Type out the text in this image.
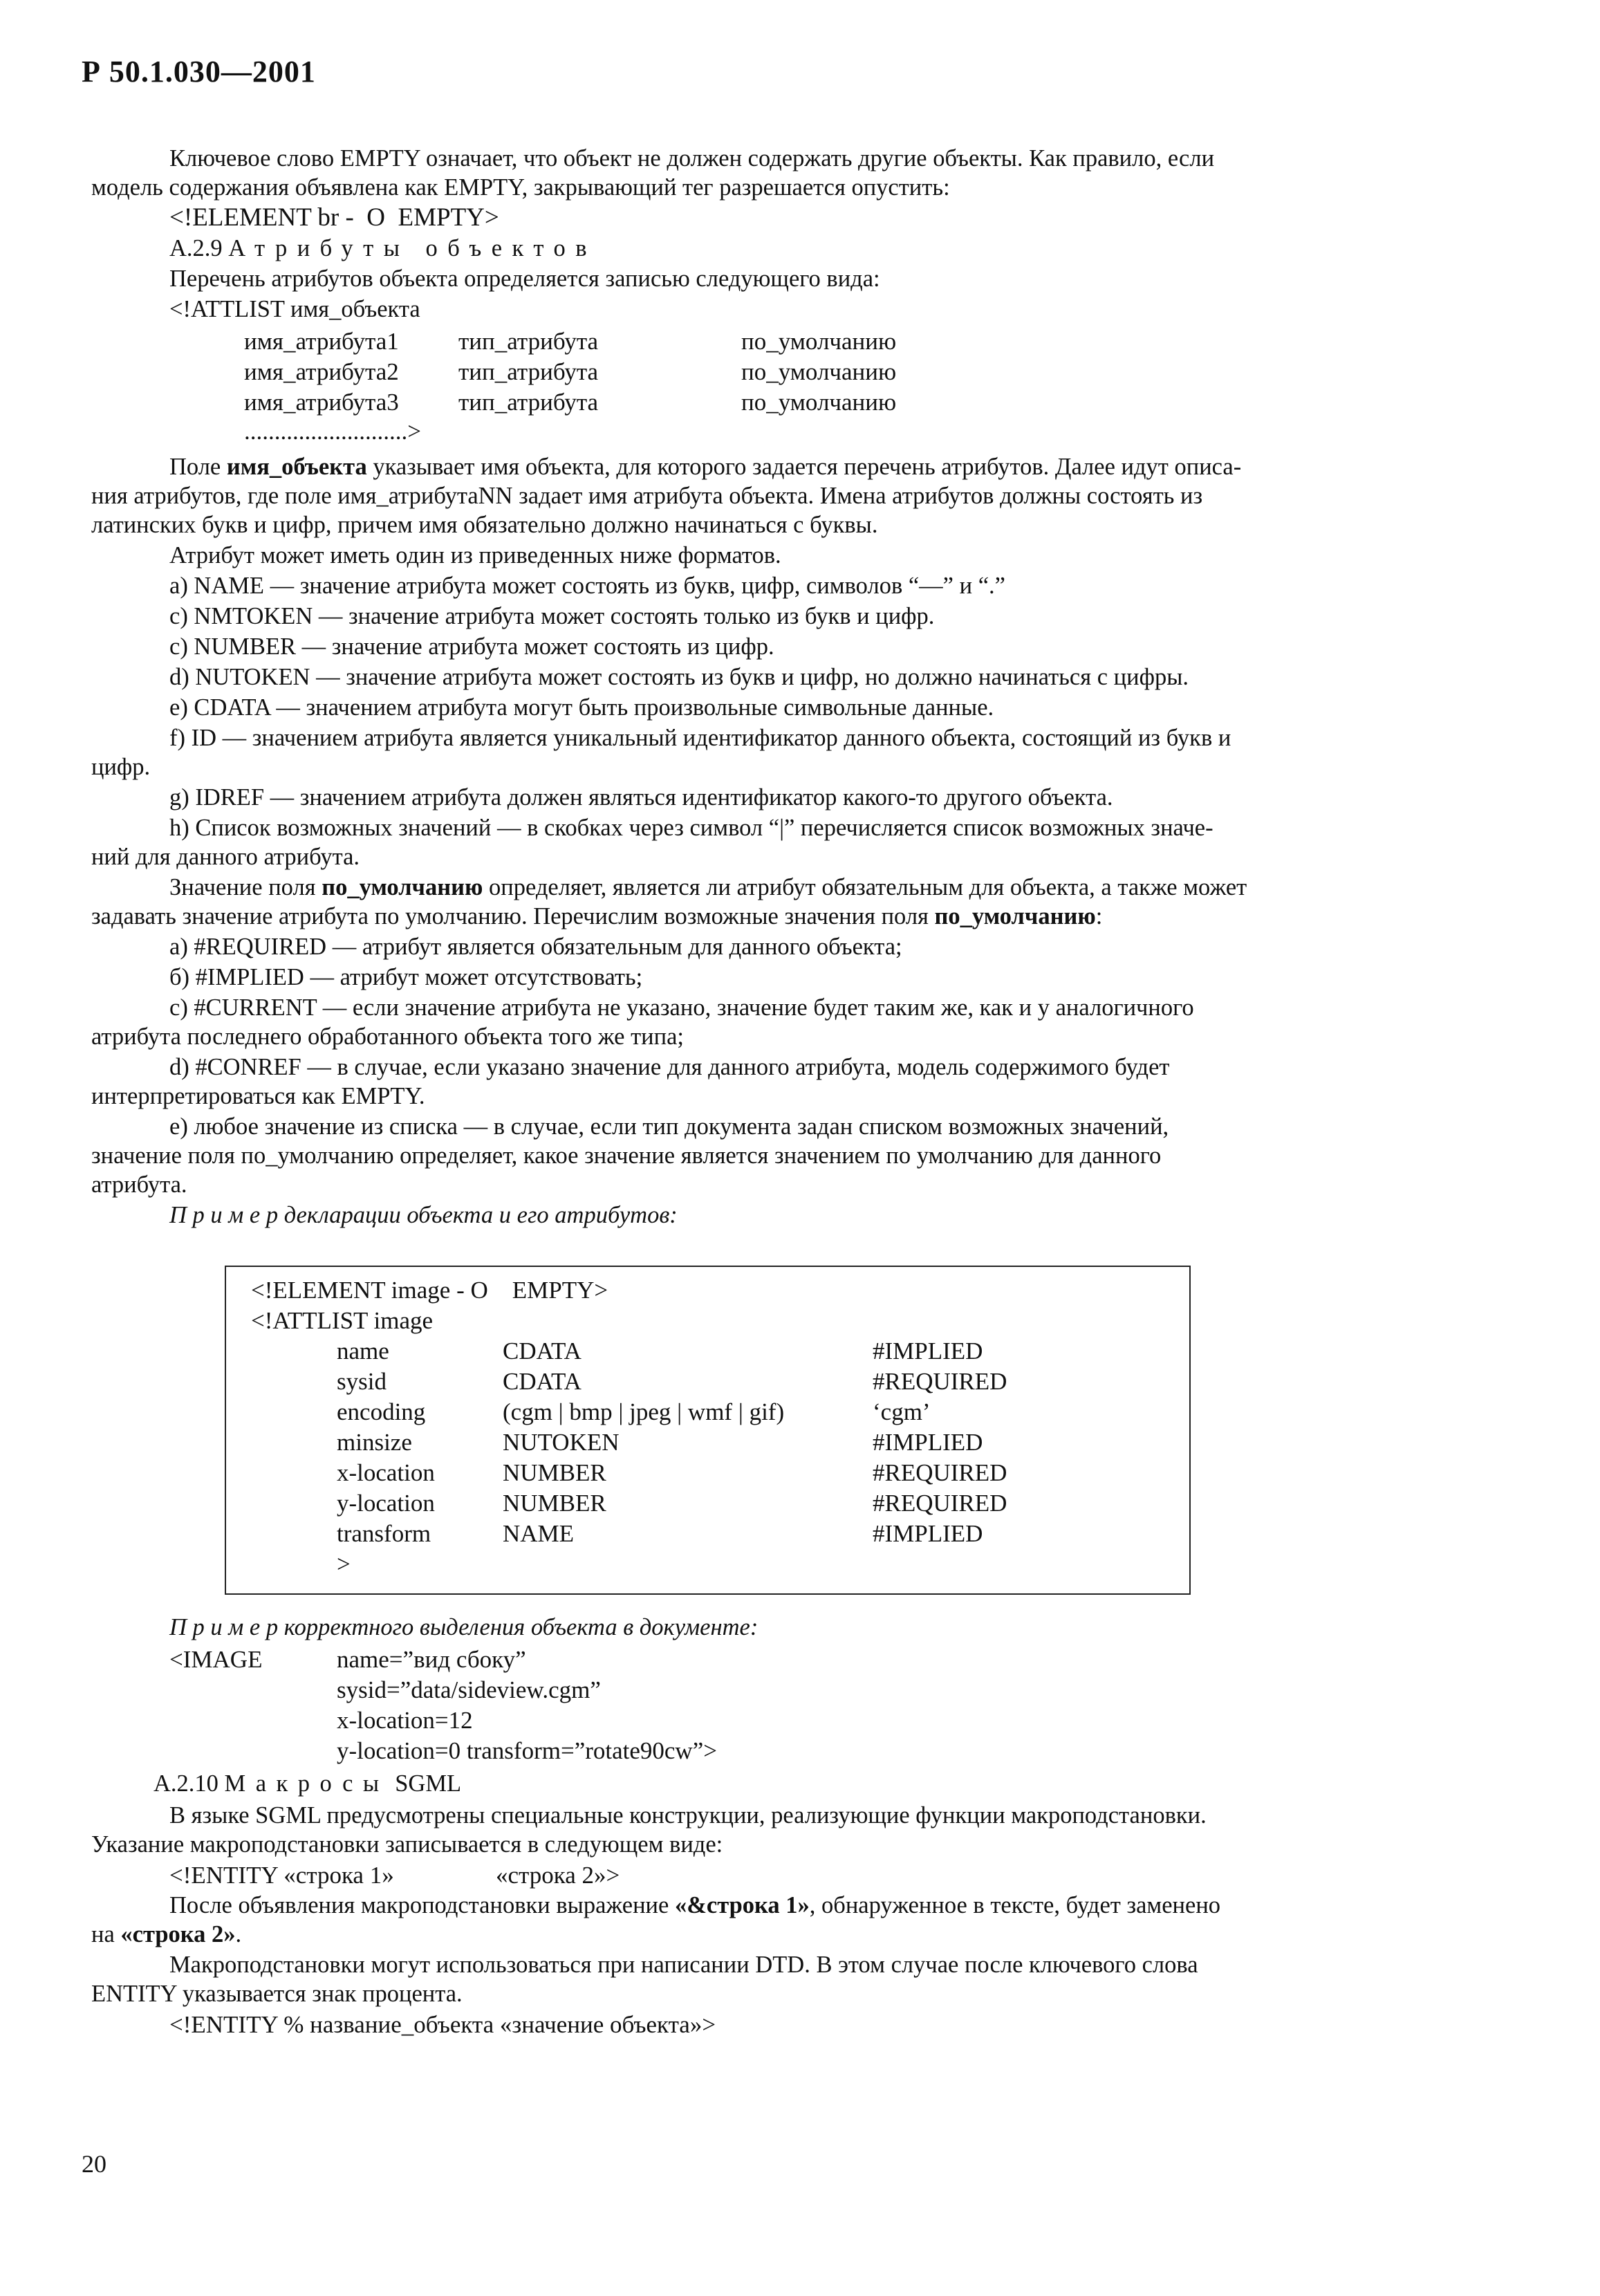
Р 50.1.030—2001
Ключевое слово EMPTY означает, что объект не должен содержать другие объекты. Как правило, если
модель содержания объявлена как EMPTY, закрывающий тег разрешается опустить:
<!ELEMENT br -  O  EMPTY>
А.2.9 Атрибуты объектов
Перечень атрибутов объекта определяется записью следующего вида:
<!ATTLIST имя_объекта
имя_атрибута1 тип_атрибута	по_умолчанию
имя_атрибута2 тип_атрибута	по_умолчанию
имя_атрибута3 тип_атрибута	по_умолчанию
...........................>
Поле имя_объекта указывает имя объекта, для которого задается перечень атрибутов. Далее идут описа-
ния атрибутов, где поле имя_атрибутаNN задает имя атрибута объекта. Имена атрибутов должны состоять из
латинских букв и цифр, причем имя обязательно должно начинаться с буквы.
Атрибут может иметь один из приведенных ниже форматов.
a) NAME — значение атрибута может состоять из букв, цифр, символов “—” и “.”
c) NMTOKEN — значение атрибута может состоять только из букв и цифр.
c) NUMBER — значение атрибута может состоять из цифр.
d) NUTOKEN — значение атрибута может состоять из букв и цифр, но должно начинаться с цифры.
e) CDATA — значением атрибута могут быть произвольные символьные данные.
f) ID — значением атрибута является уникальный идентификатор данного объекта, состоящий из букв и
цифр.
g) IDREF — значением атрибута должен являться идентификатор какого-то другого объекта.
h) Список возможных значений — в скобках через символ “|” перечисляется список возможных значе-
ний для данного атрибута.
Значение поля по_умолчанию определяет, является ли атрибут обязательным для объекта, а также может
задавать значение атрибута по умолчанию. Перечислим возможные значения поля по_умолчанию:
a) #REQUIRED — атрибут является обязательным для данного объекта;
б) #IMPLIED — атрибут может отсутствовать;
c) #CURRENT — если значение атрибута не указано, значение будет таким же, как и у аналогичного
атрибута последнего обработанного объекта того же типа;
d) #CONREF — в случае, если указано значение для данного атрибута, модель содержимого будет
интерпретироваться как EMPTY.
e) любое значение из списка — в случае, если тип документа задан списком возможных значений,
значение поля по_умолчанию определяет, какое значение является значением по умолчанию для данного
атрибута.
П р и м е р декларации объекта и его атрибутов:
<!ELEMENT image - O    EMPTY>
<!ATTLIST image
name	CDATA	#IMPLIED
sysid	CDATA	#REQUIRED
encoding	(cgm | bmp | jpeg | wmf | gif)	‘cgm’
minsize	NUTOKEN	#IMPLIED
x-location	NUMBER	#REQUIRED
y-location	NUMBER	#REQUIRED
transform	NAME	#IMPLIED
>
П р и м е р корректного выделения объекта в документе:
<IMAGE	name=”вид сбоку”
sysid=”data/sideview.cgm”
x-location=12
y-location=0 transform=”rotate90cw”>
А.2.10 Макросы SGML
В языке SGML предусмотрены специальные конструкции, реализующие функции макроподстановки.
Указание макроподстановки записывается в следующем виде:
<!ENTITY «строка 1»	«строка 2»>
После объявления макроподстановки выражение «&строка 1», обнаруженное в тексте, будет заменено
на «строка 2».
Макроподстановки могут использоваться при написании DTD. В этом случае после ключевого слова
ENTITY указывается знак процента.
<!ENTITY % название_объекта «значение объекта»>
20
